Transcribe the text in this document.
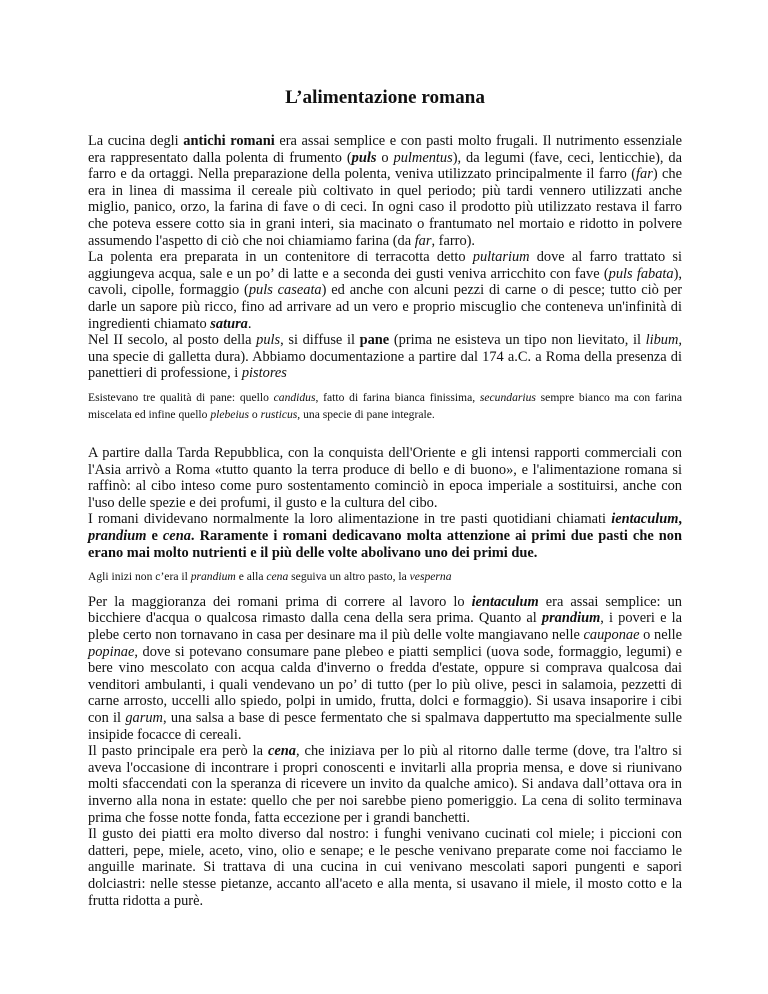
L’alimentazione romana

La cucina degli antichi romani era assai semplice e con pasti molto frugali. Il nutrimento essenziale era rappresentato dalla polenta di frumento (puls o pulmentus), da legumi (fave, ceci, lenticchie), da farro e da ortaggi. Nella preparazione della polenta, veniva utilizzato principalmente il farro (far) che era in linea di massima il cereale più coltivato in quel periodo; più tardi vennero utilizzati anche miglio, panico, orzo, la farina di fave o di ceci. In ogni caso il prodotto più utilizzato restava il farro che poteva essere cotto sia in grani interi, sia macinato o frantumato nel mortaio e ridotto in polvere assumendo l'aspetto di ciò che noi chiamiamo farina (da far, farro).

La polenta era preparata in un contenitore di terracotta detto pultarium dove al farro trattato si aggiungeva acqua, sale e un po’ di latte e a seconda dei gusti veniva arricchito con fave (puls fabata), cavoli, cipolle, formaggio (puls caseata) ed anche con alcuni pezzi di carne o di pesce; tutto ciò per darle un sapore più ricco, fino ad arrivare ad un vero e proprio miscuglio che conteneva un'infinità di ingredienti chiamato satura.

Nel II secolo, al posto della puls, si diffuse il pane (prima ne esisteva un tipo non lievitato, il libum, una specie di galletta dura). Abbiamo documentazione a partire dal 174 a.C. a Roma della presenza di panettieri di professione, i pistores

Esistevano tre qualità di pane: quello candidus, fatto di farina bianca finissima, secundarius sempre bianco ma con farina miscelata ed infine quello plebeius o rusticus, una specie di pane integrale.

A partire dalla Tarda Repubblica, con la conquista dell'Oriente e gli intensi rapporti commerciali con l'Asia arrivò a Roma «tutto quanto la terra produce di bello e di buono», e l'alimentazione romana si raffinò: al cibo inteso come puro sostentamento cominciò in epoca imperiale a sostituirsi, anche con l'uso delle spezie e dei profumi, il gusto e la cultura del cibo.

I romani dividevano normalmente la loro alimentazione in tre pasti quotidiani chiamati ientaculum, prandium e cena. Raramente i romani dedicavano molta attenzione ai primi due pasti che non erano mai molto nutrienti e il più delle volte abolivano uno dei primi due.

Agli inizi non c’era il prandium e alla cena seguiva un altro pasto, la vesperna

Per la maggioranza dei romani prima di correre al lavoro lo ientaculum era assai semplice: un bicchiere d'acqua o qualcosa rimasto dalla cena della sera prima. Quanto al prandium, i poveri e la plebe certo non tornavano in casa per desinare ma il più delle volte mangiavano nelle cauponae o nelle popinae, dove si potevano consumare pane plebeo e piatti semplici (uova sode, formaggio, legumi) e bere vino mescolato con acqua calda d'inverno o fredda d'estate, oppure si comprava qualcosa dai venditori ambulanti, i quali vendevano un po’ di tutto (per lo più olive, pesci in salamoia, pezzetti di carne arrosto, uccelli allo spiedo, polpi in umido, frutta, dolci e formaggio). Si usava insaporire i cibi con il garum, una salsa a base di pesce fermentato che si spalmava dappertutto ma specialmente sulle insipide focacce di cereali.

Il pasto principale era però la cena, che iniziava per lo più al ritorno dalle terme (dove, tra l'altro si aveva l'occasione di incontrare i propri conoscenti e invitarli alla propria mensa, e dove si riunivano molti sfaccendati con la speranza di ricevere un invito da qualche amico). Si andava dall’ottava ora in inverno alla nona in estate: quello che per noi sarebbe pieno pomeriggio. La cena di solito terminava prima che fosse notte fonda, fatta eccezione per i grandi banchetti.

Il gusto dei piatti era molto diverso dal nostro: i funghi venivano cucinati col miele; i piccioni con datteri, pepe, miele, aceto, vino, olio e senape; e le pesche venivano preparate come noi facciamo le anguille marinate. Si trattava di una cucina in cui venivano mescolati sapori pungenti e sapori dolciastri: nelle stesse pietanze, accanto all'aceto e alla menta, si usavano il miele, il mosto cotto e la frutta ridotta a purè.
